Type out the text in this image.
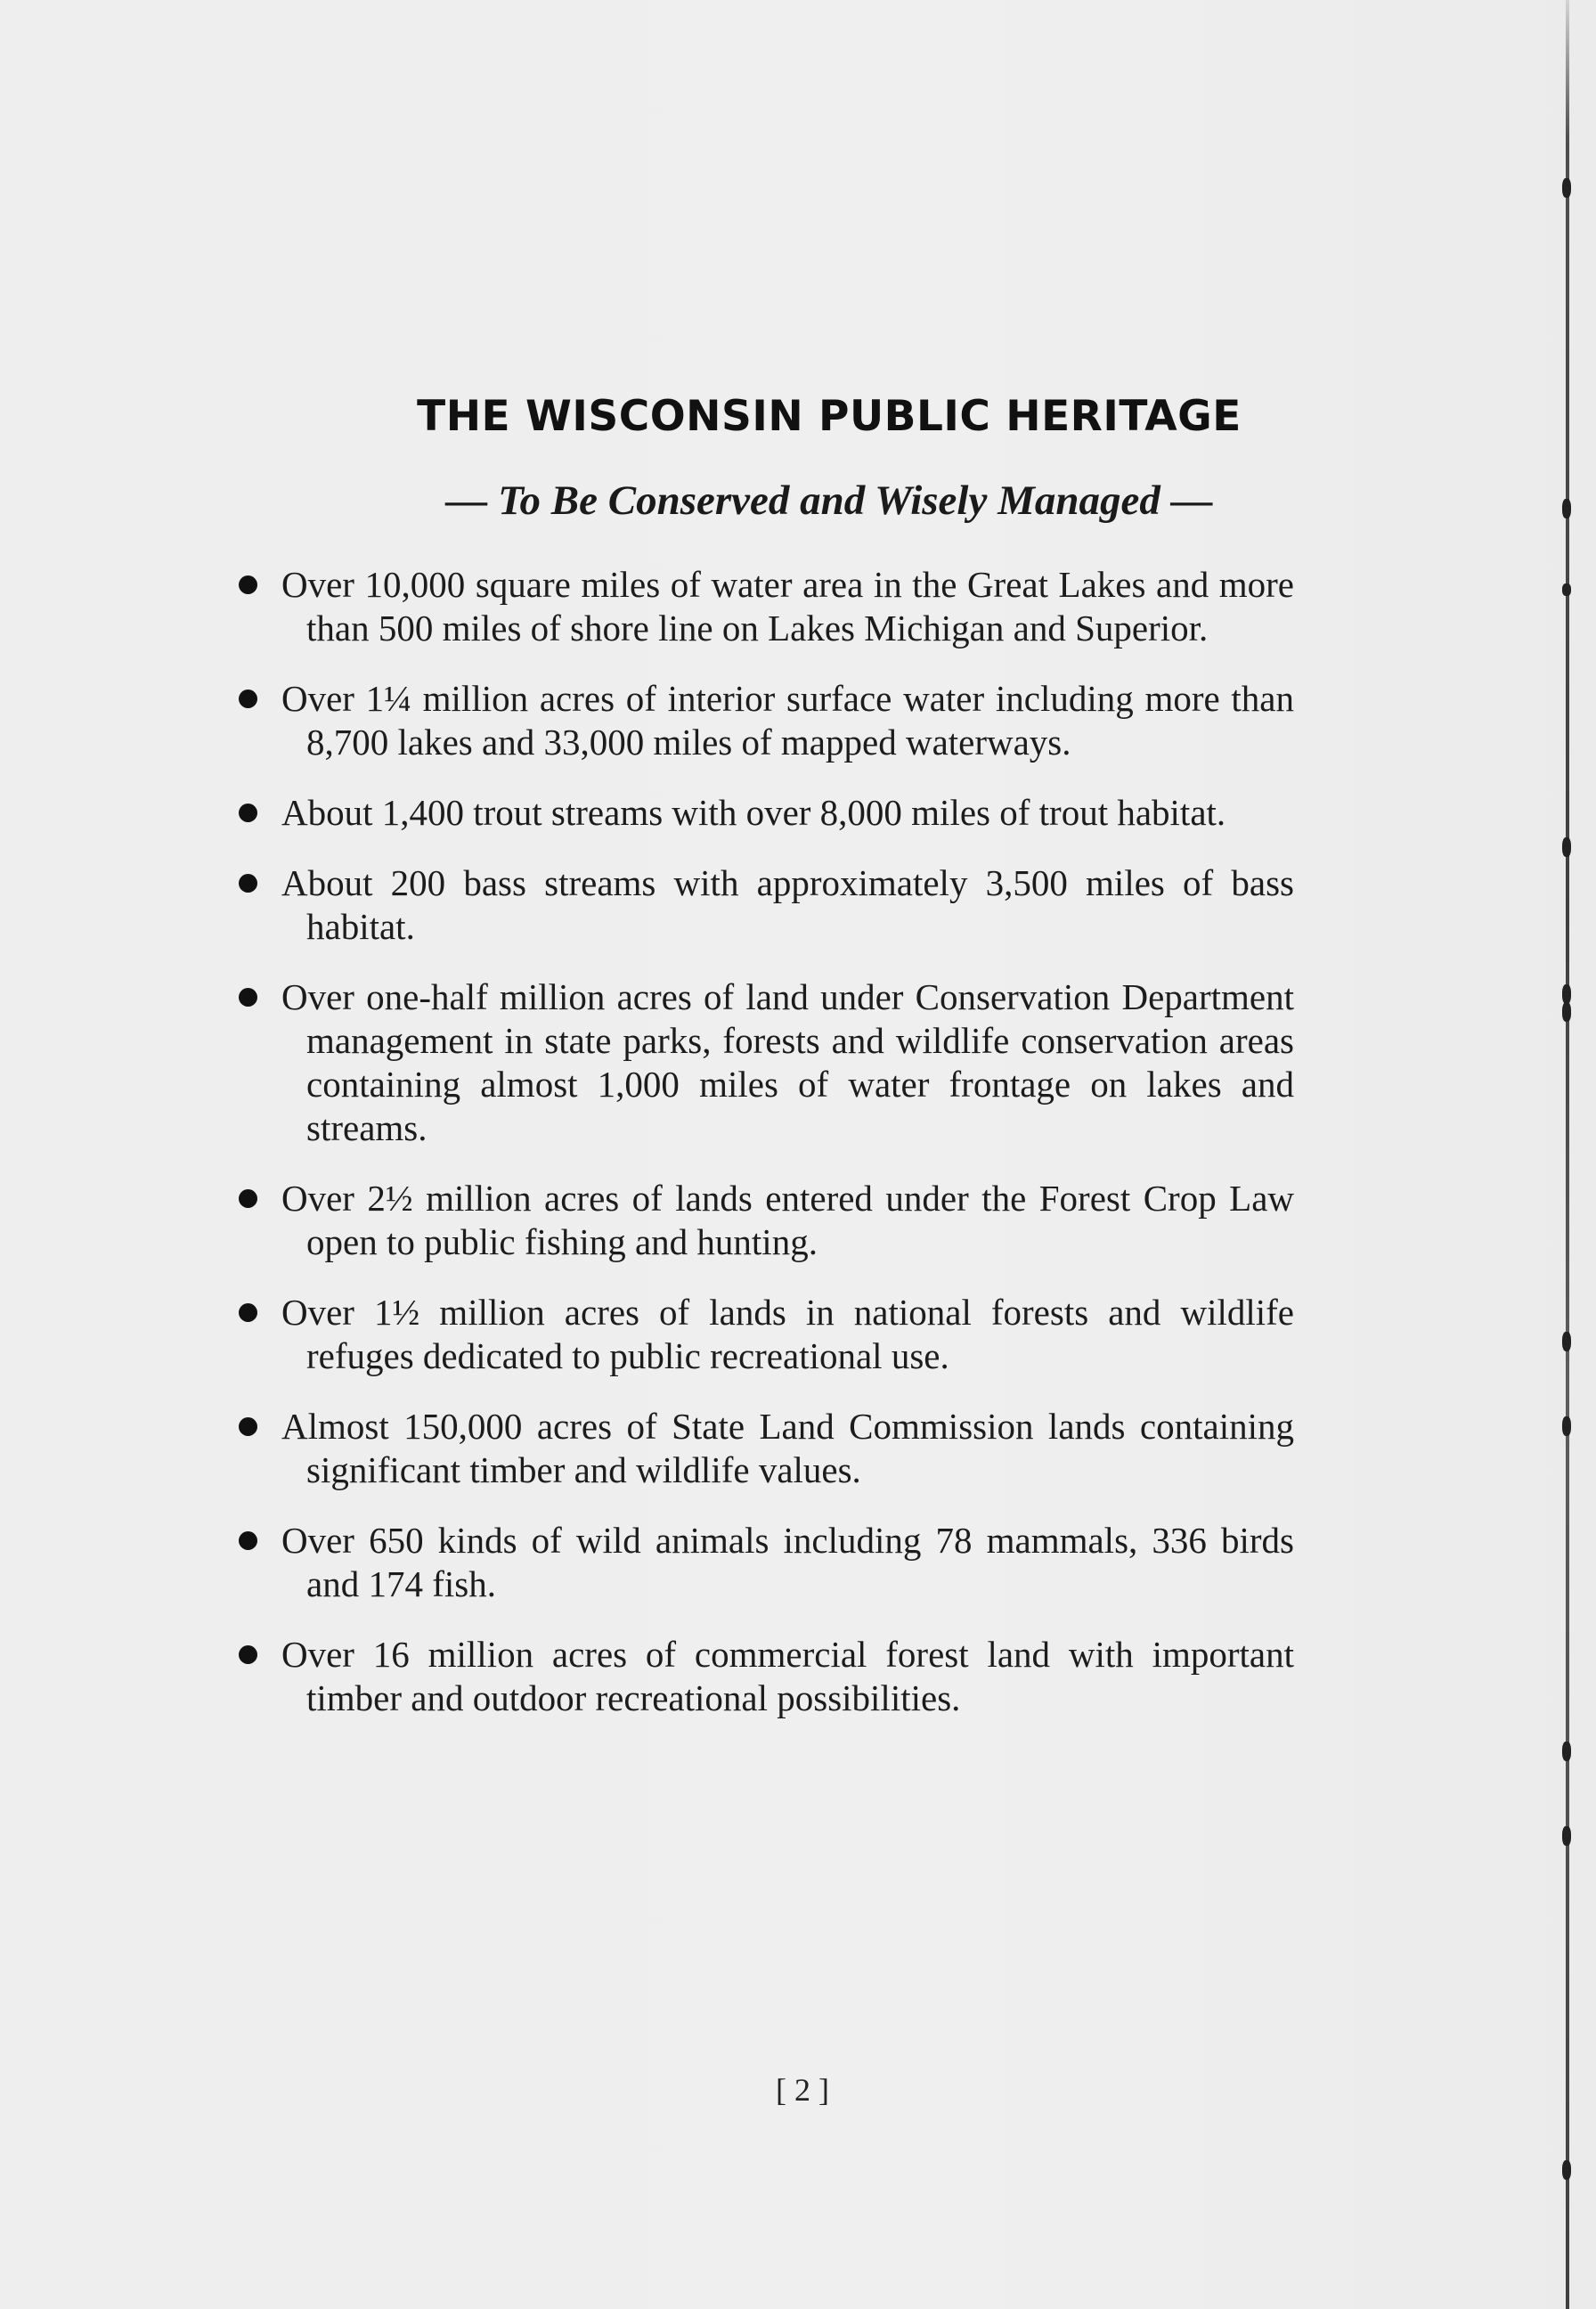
THE WISCONSIN PUBLIC HERITAGE
— To Be Conserved and Wisely Managed —
Over 10,000 square miles of water area in the Great Lakes and more than 500 miles of shore line on Lakes Michigan and Superior.
Over 1¼ million acres of interior surface water including more than 8,700 lakes and 33,000 miles of mapped waterways.
About 1,400 trout streams with over 8,000 miles of trout habitat.
About 200 bass streams with approximately 3,500 miles of bass habitat.
Over one-half million acres of land under Conservation Department management in state parks, forests and wildlife conservation areas containing almost 1,000 miles of water frontage on lakes and streams.
Over 2½ million acres of lands entered under the Forest Crop Law open to public fishing and hunting.
Over 1½ million acres of lands in national forests and wildlife refuges dedicated to public recreational use.
Almost 150,000 acres of State Land Commission lands containing significant timber and wildlife values.
Over 650 kinds of wild animals including 78 mammals, 336 birds and 174 fish.
Over 16 million acres of commercial forest land with important timber and outdoor recreational possibilities.
[ 2 ]
